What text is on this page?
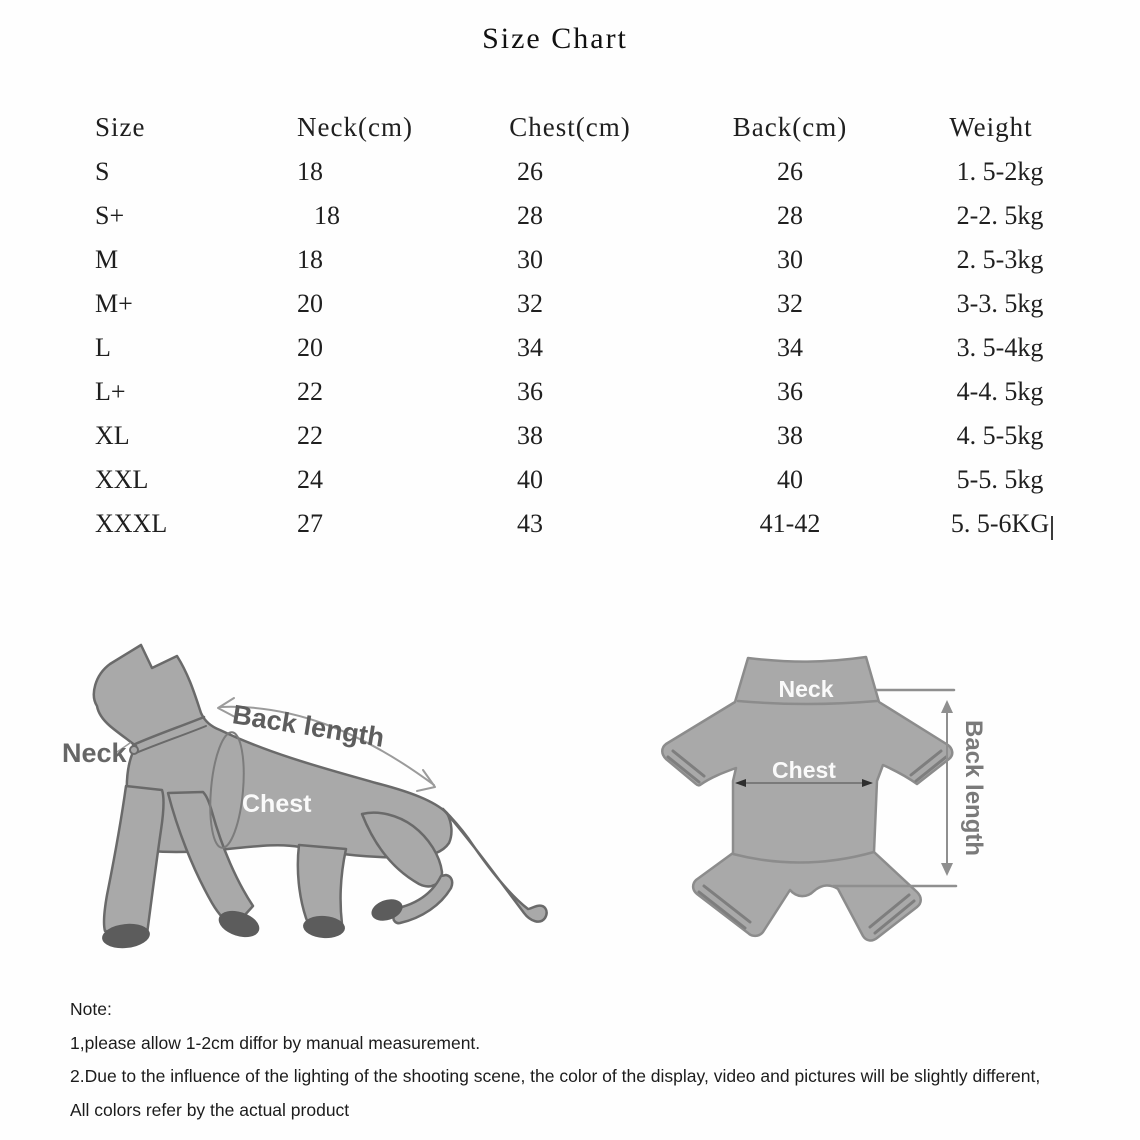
Size Chart
Size	Neck(cm)	Chest(cm)	Back(cm)	Weight
S	18	26	26	1. 5-2kg
S+	18	28	28	2-2. 5kg
M	18	30	30	2. 5-3kg
M+	20	32	32	3-3. 5kg
L	20	34	34	3. 5-4kg
L+	22	36	36	4-4. 5kg
XL	22	38	38	4. 5-5kg
XXL	24	40	40	5-5. 5kg
XXXL	27	43	41-42	5. 5-6KG
Neck
Back length
Chest
Neck
Chest	Back length
Note:
1,please allow 1-2cm diffor by manual measurement.
2.Due to the influence of the lighting of the shooting scene, the color of the display, video and pictures will be slightly different,
All colors refer by the actual product
